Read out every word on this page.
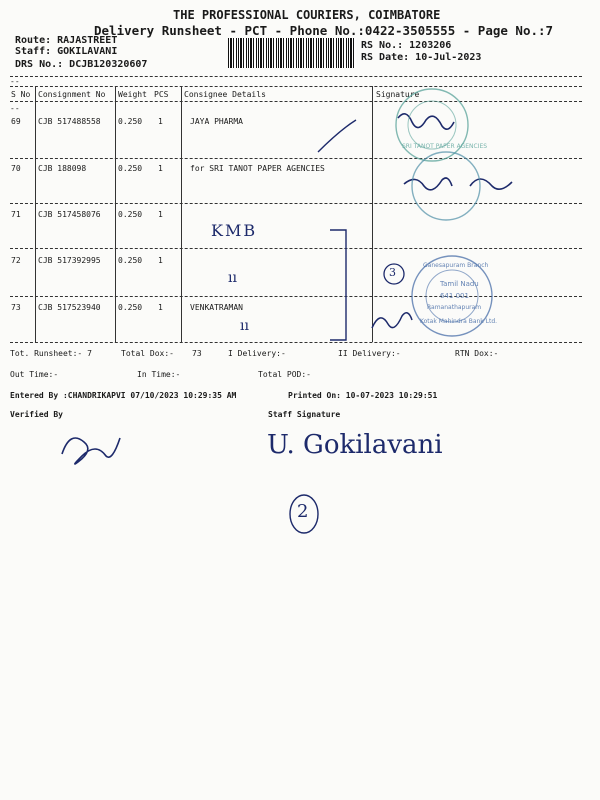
THE PROFESSIONAL COURIERS, COIMBATORE
Delivery Runsheet - PCT - Phone No.:0422-3505555 - Page No.:7
Route: RAJASTREET
Staff: GOKILAVANI
DRS No.: DCJB120320607
RS No.: 1203206
RS Date: 10-Jul-2023
--
--
S No Consignment No Weight PCS Consignee Details	Signature
69 CJB 517488558 0.250 1	JAYA PHARMA
70 CJB 188098	0.250 1	for SRI TANOT PAPER AGENCIES
71 CJB 517458076 0.250 1
72 CJB 517392995 0.250 1
73 CJB 517523940 0.250 1	VENKATRAMAN
Tot. Runsheet:- 7	Total Dox:- 73	I Delivery:-	II Delivery:-	RTN Dox:-
Out Time:-	In Time:-	Total POD:-
Entered By :CHANDRIKAPVI 07/10/2023 10:29:35 AM	Printed On: 10-07-2023 10:29:51
Verified By	Staff Signature
KMB
ıı
ıı
U. Gokilavani
3
2
SRI TANOT PAPER AGENCIES
Ganesapuram Branch
Tamil Nadu
641 001
Ramanathapuram
Kotak Mahindra Bank Ltd.
